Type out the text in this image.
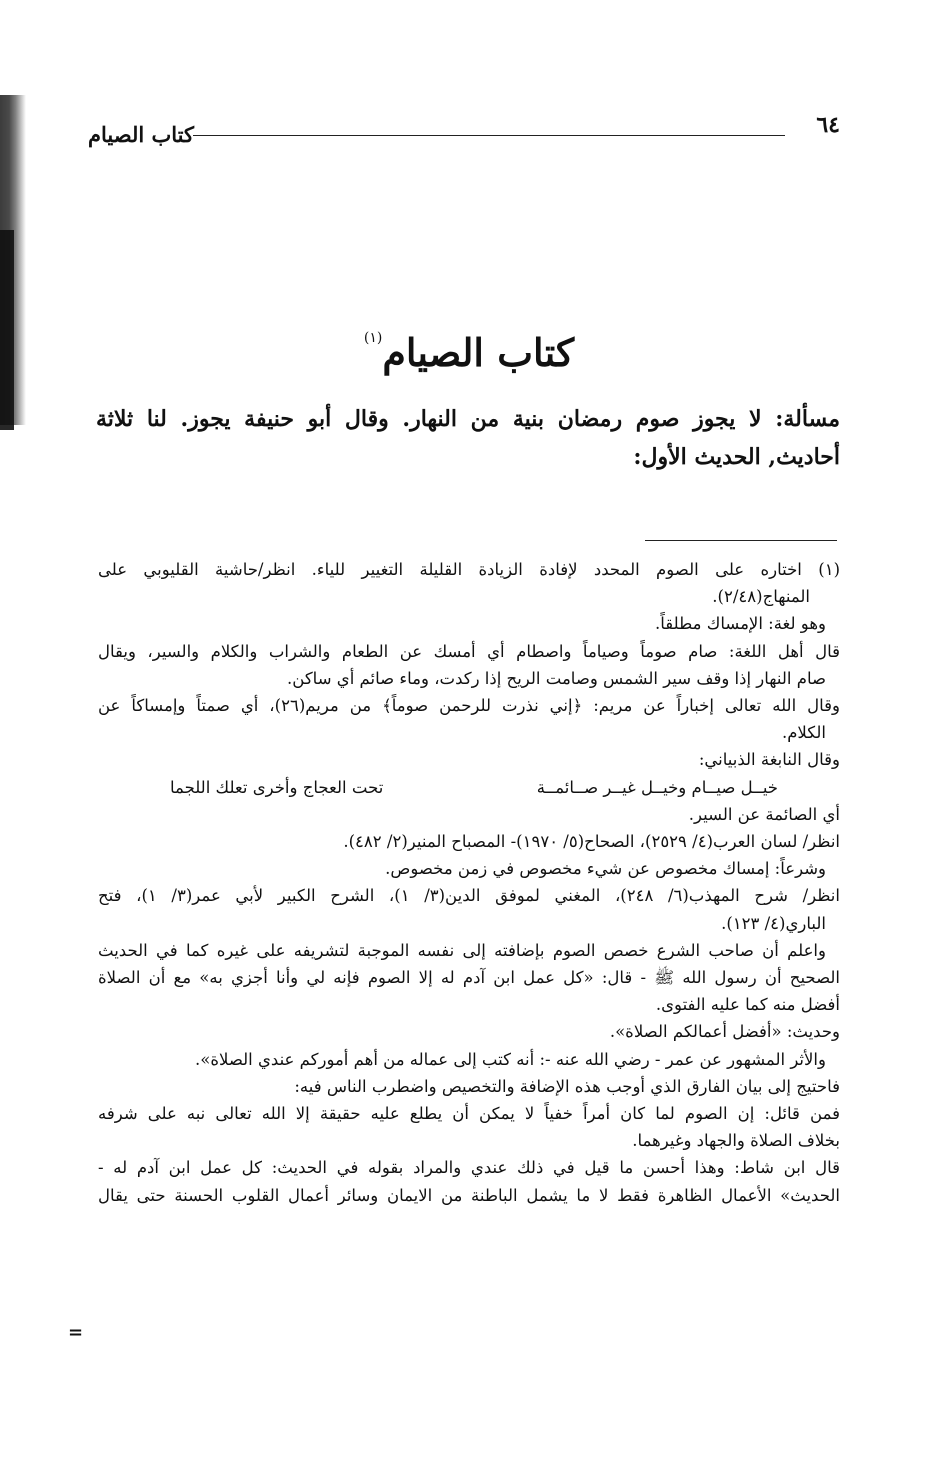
٦٤
كتاب الصيام
كتاب الصيام$^{(١)}$
مسألة: لا يجوز صوم رمضان بنية من النهار. وقال أبو حنيفة يجوز. لنا ثلاثة أحاديث, الحديث الأول:
(١) اختاره على الصوم المحدد لإفادة الزيادة القليلة التغيير للياء. انظر/حاشية القليوبي على
المنهاج(٢/٤٨).
وهو لغة: الإمساك مطلقاً.
قال أهل اللغة: صام صوماً وصياماً واصطام أي أمسك عن الطعام والشراب والكلام والسير، ويقال
صام النهار إذا وقف سير الشمس وصامت الريح إذا ركدت، وماء صائم أي ساكن.
وقال الله تعالى إخباراً عن مريم: ﴿إني نذرت للرحمن صوماً﴾ من مريم(٢٦)، أي صمتاً وإمساكاً عن
الكلام.
وقال النابغة الذبياني:
خيــل صيــام وخيــل غيــر صــائمــة
تحت العجاج وأخرى تعلك اللجما
أي الصائمة عن السير.
انظر/ لسان العرب(٤/ ٢٥٢٩)، الصحاح(٥/ ١٩٧٠)- المصباح المنير(٢/ ٤٨٢).
وشرعاً: إمساك مخصوص عن شيء مخصوص في زمن مخصوص.
انظر/ شرح المهذب(٦/ ٢٤٨)، المغني لموفق الدين(٣/ ١)، الشرح الكبير لأبي عمر(٣/ ١)، فتح
الباري(٤/ ١٢٣).
واعلم أن صاحب الشرع خصص الصوم بإضافته إلى نفسه الموجبة لتشريفه على غيره كما في الحديث
الصحيح أن رسول الله ﷺ - قال: «كل عمل ابن آدم له إلا الصوم فإنه لي وأنا أجزي به» مع أن الصلاة
أفضل منه كما عليه الفتوى.
وحديث: «أفضل أعمالكم الصلاة».
والأثر المشهور عن عمر - رضي الله عنه -: أنه كتب إلى عماله من أهم أموركم عندي الصلاة».
فاحتيج إلى بيان الفارق الذي أوجب هذه الإضافة والتخصيص واضطرب الناس فيه:
فمن قائل: إن الصوم لما كان أمراً خفياً لا يمكن أن يطلع عليه حقيقة إلا الله تعالى نبه على شرفه
بخلاف الصلاة والجهاد وغيرهما.
قال ابن شاط: وهذا أحسن ما قيل في ذلك عندي والمراد بقوله في الحديث: كل عمل ابن آدم له -
الحديث» الأعمال الظاهرة فقط لا ما يشمل الباطنة من الايمان وسائر أعمال القلوب الحسنة حتى يقال
=
